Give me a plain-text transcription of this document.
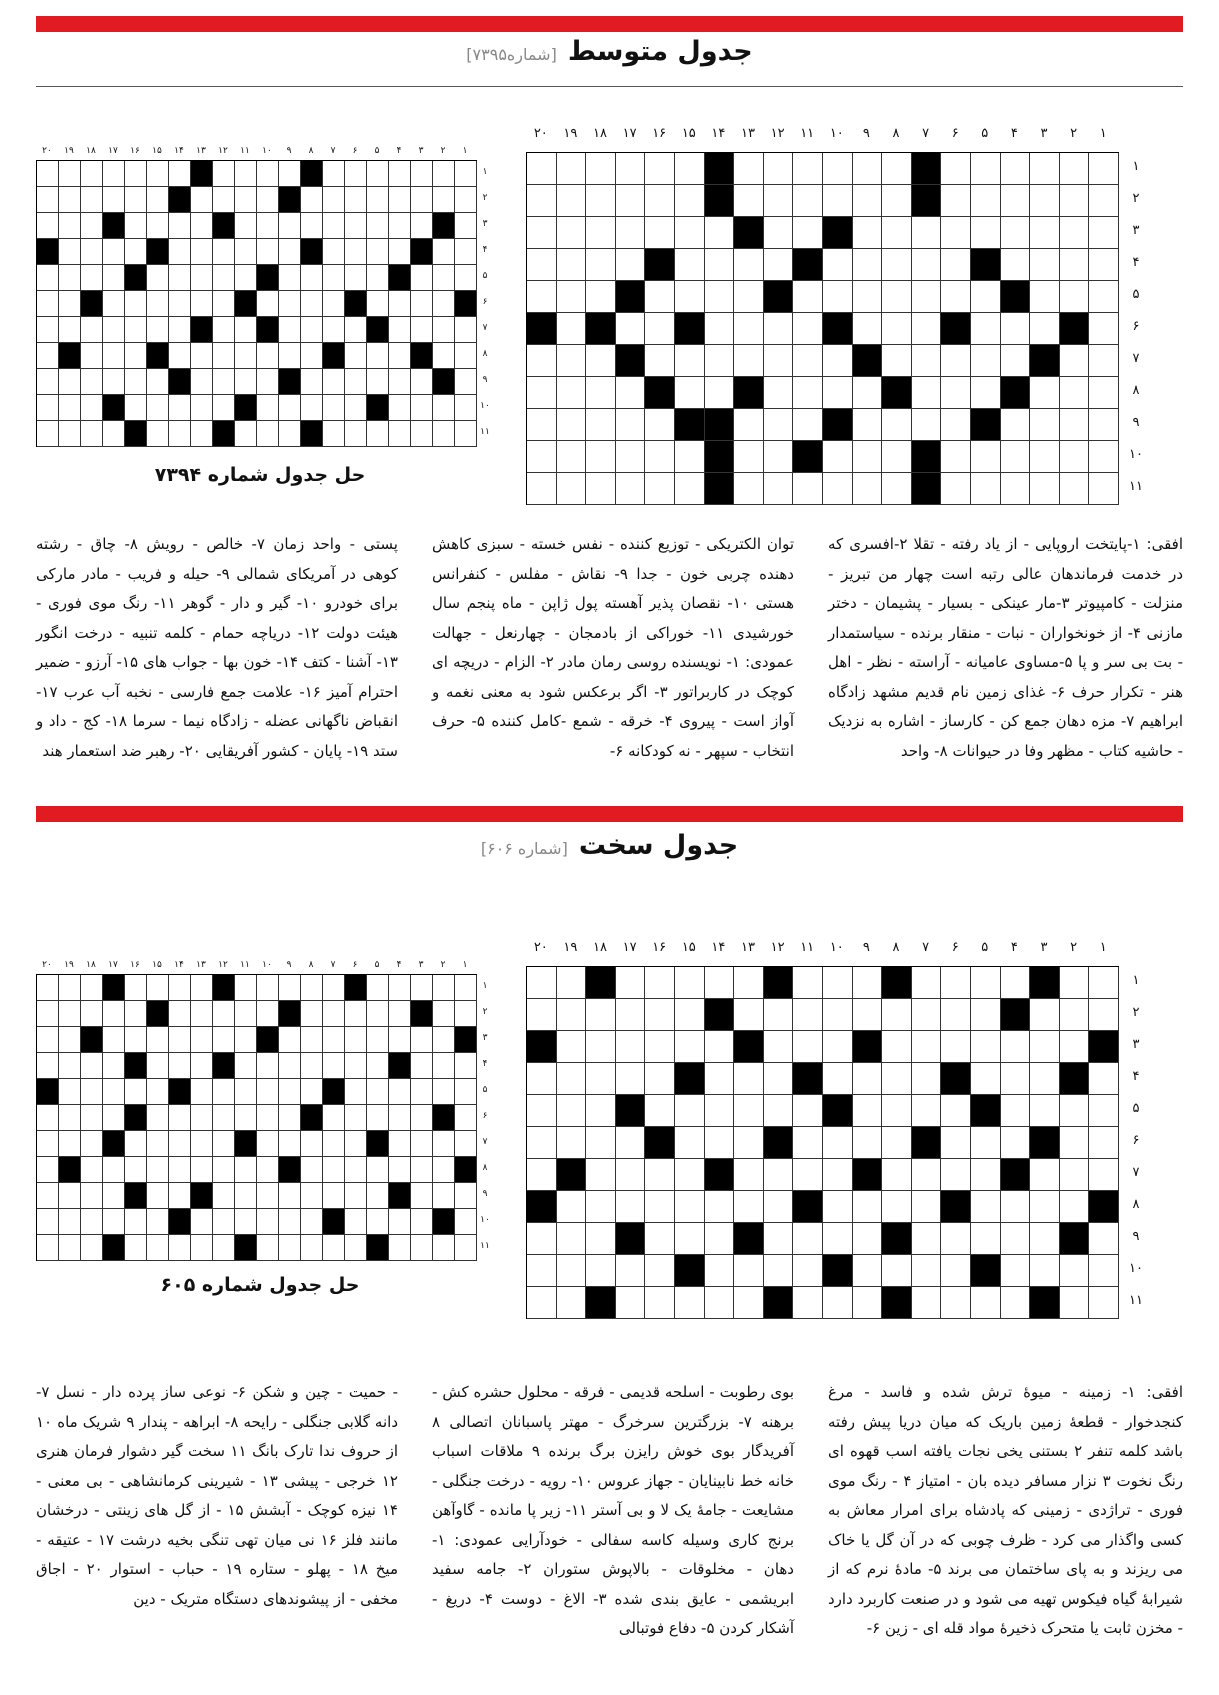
جدول متوسط [شماره۷۳۹۵]
۱
۲
۳
۴
۵
۶
۷
۸
۹
۱۰
۱۱
۱۲
۱۳
۱۴
۱۵
۱۶
۱۷
۱۸
۱۹
۲۰
۱
۲
۳
۴
۵
۶
۷
۸
۹
۱۰
۱۱
۱
۲
۳
۴
۵
۶
۷
۸
۹
۱۰
۱۱
۱۲
۱۳
۱۴
۱۵
۱۶
۱۷
۱۸
۱۹
۲۰
۱
۲
۳
۴
۵
۶
۷
۸
۹
۱۰
۱۱
حل جدول شماره ۷۳۹۴
افقی: ۱-پایتخت اروپایی - از یاد رفته - تقلا ۲-افسری که در خدمت فرماندهان عالی رتبه است چهار من تبریز - منزلت - کامپیوتر ۳-مار عینکی - بسیار - پشیمان - دختر مازنی ۴- از خونخواران - نبات - منقار برنده - سیاستمدار - بت بی سر و پا ۵-مساوی عامیانه - آراسته - نظر - اهل هنر - تکرار حرف ۶- غذای زمین نام قدیم مشهد زادگاه ابراهیم ۷- مزه دهان جمع کن - کارساز - اشاره به نزدیک - حاشیه کتاب - مظهر وفا در حیوانات ۸- واحد
توان الکتریکی - توزیع کننده - نفس خسته - سبزی کاهش دهنده چربی خون - جدا ۹- نقاش - مفلس - کنفرانس هستی ۱۰- نقصان پذیر آهسته پول ژاپن - ماه پنجم سال خورشیدی ۱۱- خوراکی از بادمجان - چهارنعل - جهالت عمودی: ۱- نویسنده روسی رمان مادر ۲- الزام - دریچه ای کوچک در کاربراتور ۳- اگر برعکس شود به معنی نغمه و آواز است - پیروی ۴- خرقه - شمع -کامل کننده ۵- حرف انتخاب - سپهر - نه کودکانه ۶-
پستی - واحد زمان ۷- خالص - رویش ۸- چاق - رشته کوهی در آمریکای شمالی ۹- حیله و فریب - مادر مارکی برای خودرو ۱۰- گیر و دار - گوهر ۱۱- رنگ موی فوری - هیئت دولت ۱۲- دریاچه حمام - کلمه تنبیه - درخت انگور ۱۳- آشنا - کتف ۱۴- خون بها - جواب های ۱۵- آرزو - ضمیر احترام آمیز ۱۶- علامت جمع فارسی - نخبه آب عرب ۱۷- انقباض ناگهانی عضله - زادگاه نیما - سرما ۱۸- کج - داد و ستد ۱۹- پایان - کشور آفریقایی ۲۰- رهبر ضد استعمار هند
جدول سخت [شماره ۶۰۶]
۱
۲
۳
۴
۵
۶
۷
۸
۹
۱۰
۱۱
۱۲
۱۳
۱۴
۱۵
۱۶
۱۷
۱۸
۱۹
۲۰
۱
۲
۳
۴
۵
۶
۷
۸
۹
۱۰
۱۱
۱
۲
۳
۴
۵
۶
۷
۸
۹
۱۰
۱۱
۱۲
۱۳
۱۴
۱۵
۱۶
۱۷
۱۸
۱۹
۲۰
۱
۲
۳
۴
۵
۶
۷
۸
۹
۱۰
۱۱
حل جدول شماره ۶۰۵
افقی: ۱- زمینه - میوهٔ ترش شده و فاسد - مرغ کنجدخوار - قطعهٔ زمین باریک که میان دریا پیش رفته باشد کلمه تنفر ۲ بستنی یخی نجات یافته اسب قهوه ای رنگ نخوت ۳ نزار مسافر دیده بان - امتیاز ۴ - رنگ موی فوری - تراژدی - زمینی که پادشاه برای امرار معاش به کسی واگذار می کرد - ظرف چوبی که در آن گل یا خاک می ریزند و به پای ساختمان می برند ۵- مادهٔ نرم که از شیرابهٔ گیاه فیکوس تهیه می شود و در صنعت کاربرد دارد - مخزن ثابت یا متحرک ذخیرهٔ مواد قله ای - زین ۶-
بوی رطوبت - اسلحه قدیمی - فرقه - محلول حشره کش - برهنه ۷- بزرگترین سرخرگ - مهتر پاسبانان اتصالی ۸ آفریدگار بوی خوش رایزن برگ برنده ۹ ملاقات اسباب خانه خط نابینایان - جهاز عروس ۱۰- رویه - درخت جنگلی - مشایعت - جامهٔ یک لا و بی آستر ۱۱- زیر پا مانده - گاوآهن برنج کاری وسیله کاسه سفالی - خودآرایی عمودی: ۱- دهان - مخلوقات - بالاپوش ستوران ۲- جامه سفید ابریشمی - عایق بندی شده ۳- الاغ - دوست ۴- دریغ - آشکار کردن ۵- دفاع فوتبالی
- حمیت - چین و شکن ۶- نوعی ساز پرده دار - نسل ۷- دانه گلابی جنگلی - رایحه ۸- ابراهه - پندار ۹ شریک ماه ۱۰ از حروف ندا تارک بانگ ۱۱ سخت گیر دشوار فرمان هنری ۱۲ خرجی - پیشی ۱۳ - شیرینی کرمانشاهی - بی معنی - ۱۴ نیزه کوچک - آبشش ۱۵ - از گل های زینتی - درخشان مانند فلز ۱۶ نی میان تهی تنگی بخیه درشت ۱۷ - عتیقه - میخ ۱۸ - پهلو - ستاره ۱۹ - حباب - استوار ۲۰ - اجاق مخفی - از پیشوندهای دستگاه متریک - دین
